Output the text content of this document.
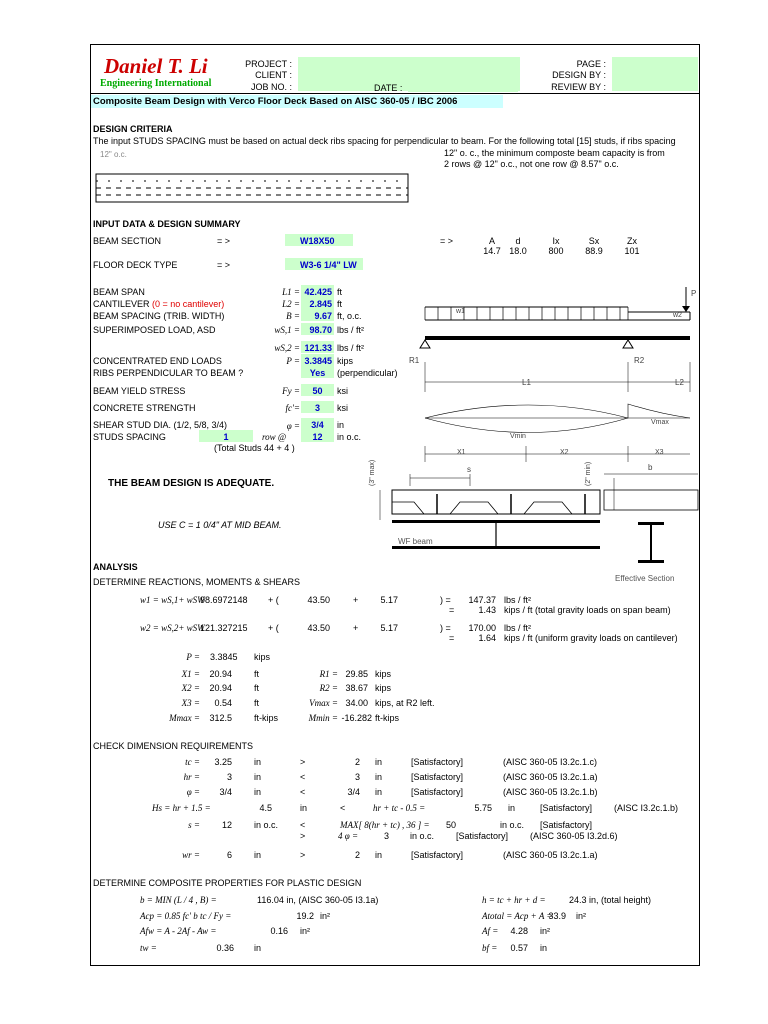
Daniel T. Li
Engineering International
PROJECT :
CLIENT :
JOB NO. :	DATE :
PAGE :
DESIGN BY :
REVIEW BY :
Composite Beam Design with Verco Floor Deck Based on AISC 360-05 / IBC 2006
DESIGN CRITERIA
The input STUDS SPACING must be based on actual deck ribs spacing for perpendicular to beam. For the following total [15] studs, if ribs spacing
12" o. c., the minimum composte beam capacity is from
2 rows @ 12" o.c., not one row @ 8.57" o.c.
12" o.c.
INPUT DATA & DESIGN SUMMARY
BEAM SECTION	= >	W18X50	= >	A	d	Ix	Sx	Zx
14.7 18.0	800	88.9	101
FLOOR DECK TYPE	= >	W3-6 1/4" LW
BEAM SPAN	L1 = 42.425 ft
CANTILEVER (0 = no cantilever)	L2 =	2.845 ft
BEAM SPACING (TRIB. WIDTH)	B =	9.67 ft, o.c.
SUPERIMPOSED LOAD, ASD	wS,1 =	98.70 lbs / ft²
wS,2 = 121.33 lbs / ft²
CONCENTRATED END LOADS	P = 3.3845 kips
RIBS PERPENDICULAR TO BEAM ?	Yes	(perpendicular)
BEAM YIELD STRESS	Fy =	50	ksi
CONCRETE STRENGTH	fc'=	3	ksi
SHEAR STUD DIA. (1/2, 5/8, 3/4)	φ =	3/4	in
STUDS SPACING	1	row @	12	in o.c.
(Total Studs 44 + 4 )
w1
w2
P
R1	R2
L1	L2
Vmax
Vmin
X1	X2	X3
THE BEAM DESIGN IS ADEQUATE.
USE C = 1 0/4" AT MID BEAM.
s	b
(3" max)	(2" min)
WF beam
Effective Section
ANALYSIS
DETERMINE REACTIONS, MOMENTS & SHEARS
w1 = wS,1+ wSW
98.6972148 + (	43.50	+ 5.17	) =	147.37 lbs / ft²
=	1.43 kips / ft (total gravity loads on span beam)
w2 = wS,2+ wSW
121.327215 + (	43.50	+ 5.17	) =	170.00 lbs / ft²
=	1.64 kips / ft (uniform gravity loads on cantilever)
P = 3.3845 kips
X1 =	20.94 ft	R1 = 29.85 kips
X2 =	20.94 ft	R2 = 38.67 kips
X3 =	0.54 ft	Vmax = 34.00 kips, at R2 left.
Mmax =	312.5 ft-kips	Mmin = -16.282 ft-kips
CHECK DIMENSION REQUIREMENTS
tc =	3.25 in	>	2 in	[Satisfactory]	(AISC 360-05 I3.2c.1.c)
hr =	3 in	<	3 in	[Satisfactory]	(AISC 360-05 I3.2c.1.a)
φ =	3/4 in	<	3/4 in	[Satisfactory]	(AISC 360-05 I3.2c.1.b)
Hs = hr + 1.5 =	4.5	in	<	hr + tc - 0.5 =	5.75 in	[Satisfactory] (AISC I3.2c.1.b)
s =	12 in o.c. <	MAX[ 8(hr + tc) , 36 ] =	50	in o.c. [Satisfactory]
>	4 φ =	3 in o.c. [Satisfactory] (AISC 360-05 I3.2d.6)
wr =	6 in	>	2 in	[Satisfactory]	(AISC 360-05 I3.2c.1.a)
DETERMINE COMPOSITE PROPERTIES FOR PLASTIC DESIGN
b = MIN (L / 4 , B) =	116.04 in, (AISC 360-05 I3.1a)	h = tc + hr + d =	24.3 in, (total height)
Acp = 0.85 fc' b tc / Fy =	19.2 in²	Atotal = Acp + A =
33.9 in²
Afw = A - 2Af - Aw =	0.16 in²	Af =	4.28 in²
tw =	0.36 in	bf =	0.57 in
